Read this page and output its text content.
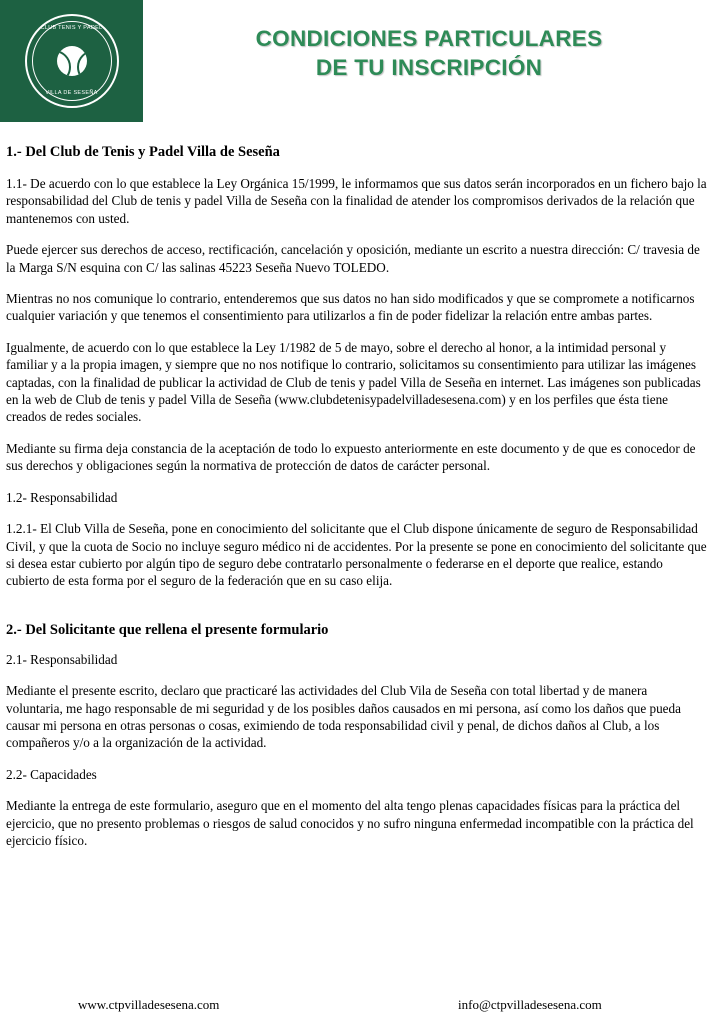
CLUB TENIS Y PADEL
VILLA DE SESEÑA
CONDICIONES PARTICULARES
DE TU INSCRIPCIÓN
1.- Del Club de Tenis y Padel Villa de Seseña

1.1- De acuerdo con lo que establece la Ley Orgánica 15/1999, le informamos que sus datos serán incorporados en un fichero bajo la responsabilidad del Club de tenis y padel Villa de Seseña con la finalidad de atender los compromisos derivados de la relación que mantenemos con usted.

Puede ejercer sus derechos de acceso, rectificación, cancelación y oposición, mediante un escrito a nuestra dirección: C/ travesia de la Marga S/N esquina con C/ las salinas 45223 Seseña Nuevo TOLEDO.

Mientras no nos comunique lo contrario, entenderemos que sus datos no han sido modificados y que se compromete a notificarnos cualquier variación y que tenemos el consentimiento para utilizarlos a fin de poder fidelizar la relación entre ambas partes.

Igualmente, de acuerdo con lo que establece la Ley 1/1982 de 5 de mayo, sobre el derecho al honor, a la intimidad personal y familiar y a la propia imagen, y siempre que no nos notifique lo contrario, solicitamos su consentimiento para utilizar las imágenes captadas, con la finalidad de publicar la actividad de Club de tenis y padel Villa de Seseña en internet. Las imágenes son publicadas en la web de Club de tenis y padel Villa de Seseña (www.clubdetenisypadelvilladesesena.com) y en los perfiles que ésta tiene creados de redes sociales.

Mediante su firma deja constancia de la aceptación de todo lo expuesto anteriormente en este documento y de que es conocedor de sus derechos y obligaciones según la normativa de protección de datos de carácter personal.

1.2- Responsabilidad

1.2.1- El Club Villa de Seseña, pone en conocimiento del solicitante que el Club dispone únicamente de seguro de Responsabilidad Civil, y que la cuota de Socio no incluye seguro médico ni de accidentes. Por la presente se pone en conocimiento del solicitante que si desea estar cubierto por algún tipo de seguro debe contratarlo personalmente o federarse en el deporte que realice, estando cubierto de esta forma por el seguro de la federación que en su caso elija.

2.- Del Solicitante que rellena el presente formulario

2.1- Responsabilidad

Mediante el presente escrito, declaro que practicaré las actividades del Club Vila de Seseña con total libertad y de manera voluntaria, me hago responsable de mi seguridad y de los posibles daños causados en mi persona, así como los daños que pueda causar mi persona en otras personas o cosas, eximiendo de toda responsabilidad civil y penal, de dichos daños al Club, a los compañeros y/o a la organización de la actividad.

2.2- Capacidades

Mediante la entrega de este formulario, aseguro que en el momento del alta tengo plenas capacidades físicas para la práctica del ejercicio, que no presento problemas o riesgos de salud conocidos y no sufro ninguna enfermedad incompatible con la práctica del ejercicio físico.

www.ctpvilladesesena.com	info@ctpvilladesesena.com
